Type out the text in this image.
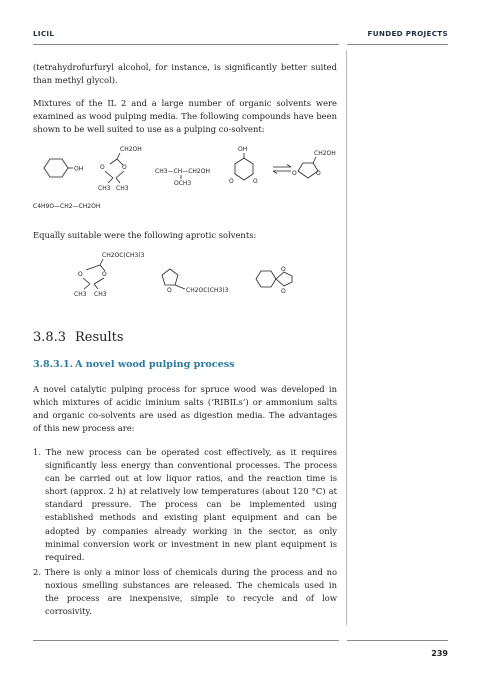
LICIL	FUNDED PROJECTS

(tetrahydrofurfuryl alcohol, for instance, is significantly better suited than methyl glycol).

Mixtures of the IL 2 and a large number of organic solvents were examined as wood pulping media. The following compounds have been shown to be well suited to use as a pulping co-solvent:

OH
CH2OH
O	O
CH3 CH3
CH3—CH—CH2OH
OCH3
OH
O	O
CH2OH
O	O
C4H9O—CH2—CH2OH

Equally suitable were the following aprotic solvents:

CH2OC(CH3)3
O	O
CH3 CH3
O CH2OC(CH3)3
O
O
3.8.3 Results
3.8.3.1. A novel wood pulping process

A novel catalytic pulping process for spruce wood was developed in which mixtures of acidic iminium salts (‘RIBILs’) or ammonium salts and organic co-solvents are used as digestion media. The advantages of this new process are:

1. The new process can be operated cost effectively, as it requires significantly less energy than conventional processes. The process can be carried out at low liquor ratios, and the reaction time is short (approx. 2 h) at relatively low temperatures (about 120 °C) at standard pressure. The process can be implemented using established methods and existing plant equipment and can be adopted by companies already working in the sector, as only minimal conversion work or investment in new plant equipment is required.

2. There is only a minor loss of chemicals during the process and no noxious smelling substances are released. The chemicals used in the process are inexpensive, simple to recycle and of low corrosivity.

239
